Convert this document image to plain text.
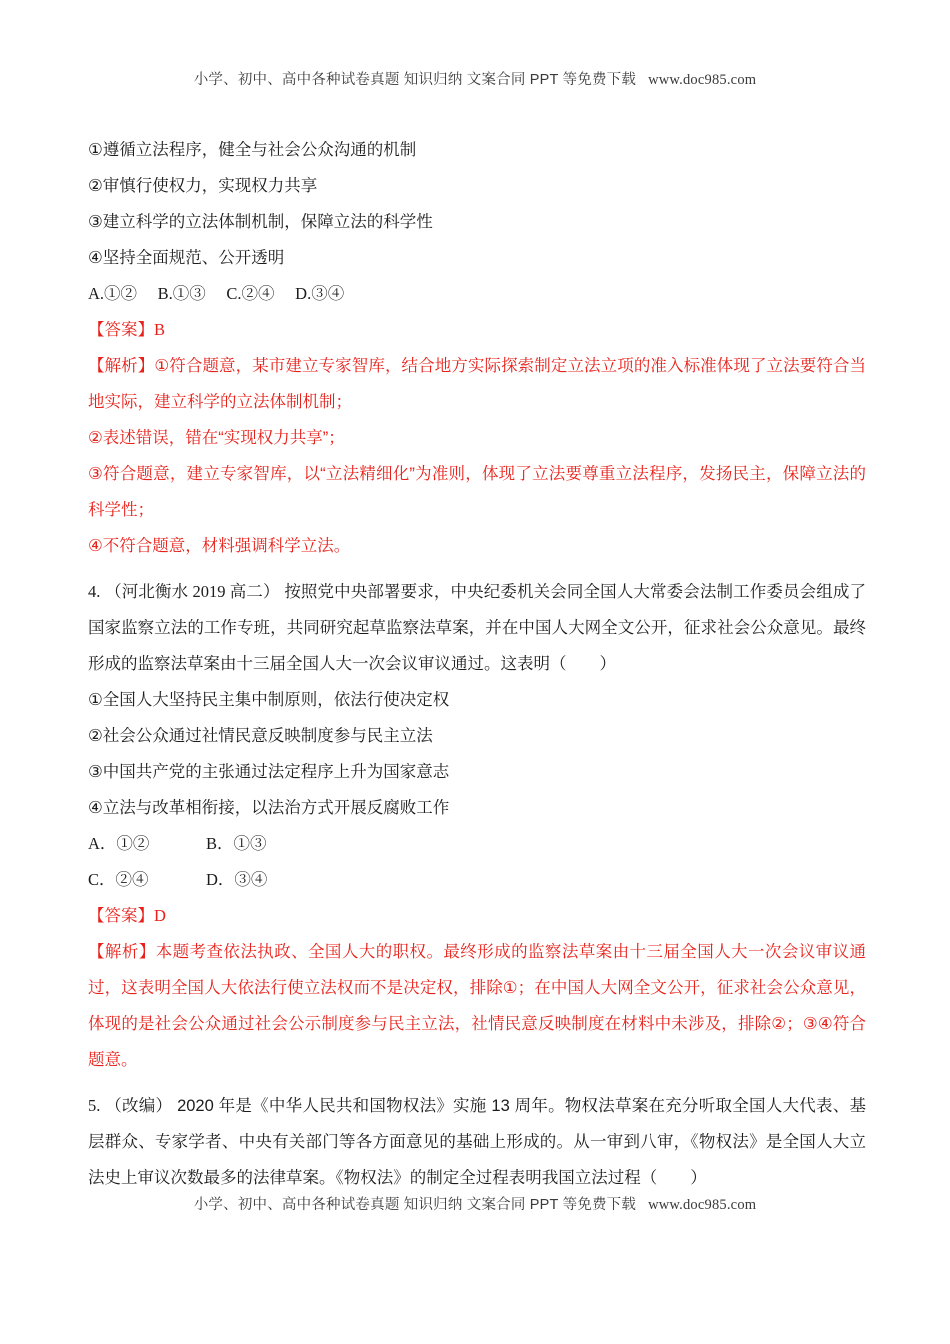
小学、初中、高中各种试卷真题 知识归纳 文案合同 PPT 等免费下载 www.doc985.com
①遵循立法程序，健全与社会公众沟通的机制
②审慎行使权力，实现权力共享
③建立科学的立法体制机制，保障立法的科学性
④坚持全面规范、公开透明
A.①②　 B.①③　 C.②④　 D.③④
【答案】B
【解析】①符合题意，某市建立专家智库，结合地方实际探索制定立法立项的准入标准体现了立法要符合当地实际，建立科学的立法体制机制；
②表述错误，错在“实现权力共享”；
③符合题意，建立专家智库，以“立法精细化”为准则，体现了立法要尊重立法程序，发扬民主，保障立法的科学性；
④不符合题意，材料强调科学立法。
4. （河北衡水 2019 高二） 按照党中央部署要求，中央纪委机关会同全国人大常委会法制工作委员会组成了国家监察立法的工作专班，共同研究起草监察法草案，并在中国人大网全文公开，征求社会公众意见。最终形成的监察法草案由十三届全国人大一次会议审议通过。这表明（　　）
①全国人大坚持民主集中制原则，依法行使决定权
②社会公众通过社情民意反映制度参与民主立法
③中国共产党的主张通过法定程序上升为国家意志
④立法与改革相衔接，以法治方式开展反腐败工作
A．①②	B．①③
C．②④	D．③④
【答案】D
【解析】本题考查依法执政、全国人大的职权。最终形成的监察法草案由十三届全国人大一次会议审议通过，这表明全国人大依法行使立法权而不是决定权，排除①；在中国人大网全文公开，征求社会公众意见，体现的是社会公众通过社会公示制度参与民主立法，社情民意反映制度在材料中未涉及，排除②；③④符合题意。
5. （改编） 2020 年是《中华人民共和国物权法》实施 13 周年。物权法草案在充分听取全国人大代表、基层群众、专家学者、中央有关部门等各方面意见的基础上形成的。从一审到八审，《物权法》是全国人大立法史上审议次数最多的法律草案。《物权法》的制定全过程表明我国立法过程（　　）
小学、初中、高中各种试卷真题 知识归纳 文案合同 PPT 等免费下载 www.doc985.com
